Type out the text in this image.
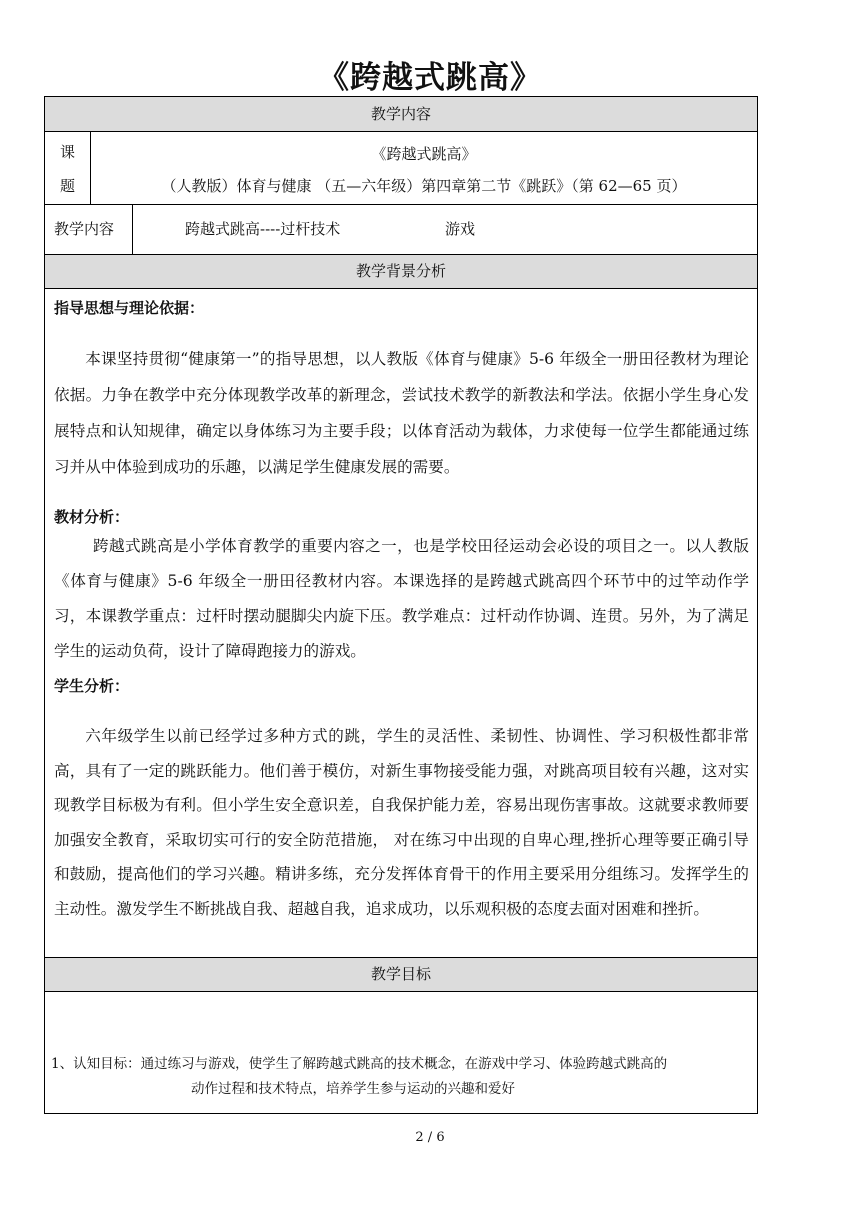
《跨越式跳高》
教学内容
课
题
《跨越式跳高》
（人教版）体育与健康 （五—六年级）第四章第二节《跳跃》（第 62—65 页）
教学内容	跨越式跳高----过杆技术	游戏
教学背景分析
指导思想与理论依据：
本课坚持贯彻“健康第一”的指导思想，以人教版《体育与健康》5-6 年级全一册田径教材为理论依据。力争在教学中充分体现教学改革的新理念，尝试技术教学的新教法和学法。依据小学生身心发展特点和认知规律，确定以身体练习为主要手段；以体育活动为载体，力求使每一位学生都能通过练习并从中体验到成功的乐趣，以满足学生健康发展的需要。
教材分析：
跨越式跳高是小学体育教学的重要内容之一，也是学校田径运动会必设的项目之一。以人教版《体育与健康》5-6 年级全一册田径教材内容。本课选择的是跨越式跳高四个环节中的过竿动作学习，本课教学重点：过杆时摆动腿脚尖内旋下压。教学难点：过杆动作协调、连贯。另外，为了满足学生的运动负荷，设计了障碍跑接力的游戏。
学生分析：
六年级学生以前已经学过多种方式的跳，学生的灵活性、柔韧性、协调性、学习积极性都非常高，具有了一定的跳跃能力。他们善于模仿，对新生事物接受能力强，对跳高项目较有兴趣，这对实现教学目标极为有利。但小学生安全意识差，自我保护能力差，容易出现伤害事故。这就要求教师要加强安全教育，采取切实可行的安全防范措施， 对在练习中出现的自卑心理,挫折心理等要正确引导和鼓励，提高他们的学习兴趣。精讲多练，充分发挥体育骨干的作用主要采用分组练习。发挥学生的主动性。激发学生不断挑战自我、超越自我，追求成功，以乐观积极的态度去面对困难和挫折。
教学目标
1、认知目标：通过练习与游戏，使学生了解跨越式跳高的技术概念，在游戏中学习、体验跨越式跳高的
动作过程和技术特点，培养学生参与运动的兴趣和爱好
2 / 6
